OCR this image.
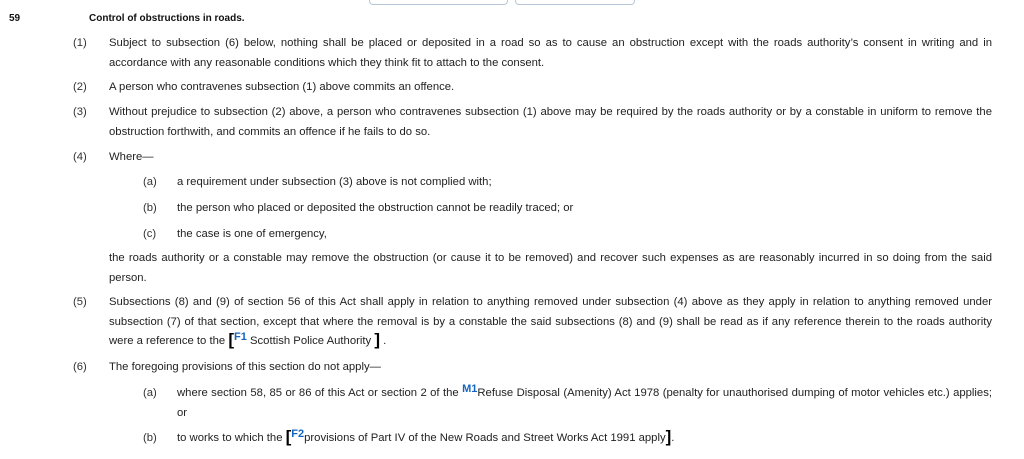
59	Control of obstructions in roads.
(1) Subject to subsection (6) below, nothing shall be placed or deposited in a road so as to cause an obstruction except with the roads authority’s consent in writing and in accordance with any reasonable conditions which they think fit to attach to the consent.
(2) A person who contravenes subsection (1) above commits an offence.
(3) Without prejudice to subsection (2) above, a person who contravenes subsection (1) above may be required by the roads authority or by a constable in uniform to remove the obstruction forthwith, and commits an offence if he fails to do so.
(4) Where—
(a) a requirement under subsection (3) above is not complied with;
(b) the person who placed or deposited the obstruction cannot be readily traced; or
(c) the case is one of emergency,
the roads authority or a constable may remove the obstruction (or cause it to be removed) and recover such expenses as are reasonably incurred in so doing from the said person.
(5) Subsections (8) and (9) of section 56 of this Act shall apply in relation to anything removed under subsection (4) above as they apply in relation to anything removed under subsection (7) of that section, except that where the removal is by a constable the said subsections (8) and (9) shall be read as if any reference therein to the roads authority were a reference to the [F1 Scottish Police Authority ] .
(6) The foregoing provisions of this section do not apply—
(a) where section 58, 85 or 86 of this Act or section 2 of the M1Refuse Disposal (Amenity) Act 1978 (penalty for unauthorised dumping of motor vehicles etc.) applies; or
(b) to works to which the [F2provisions of Part IV of the New Roads and Street Works Act 1991 apply].
